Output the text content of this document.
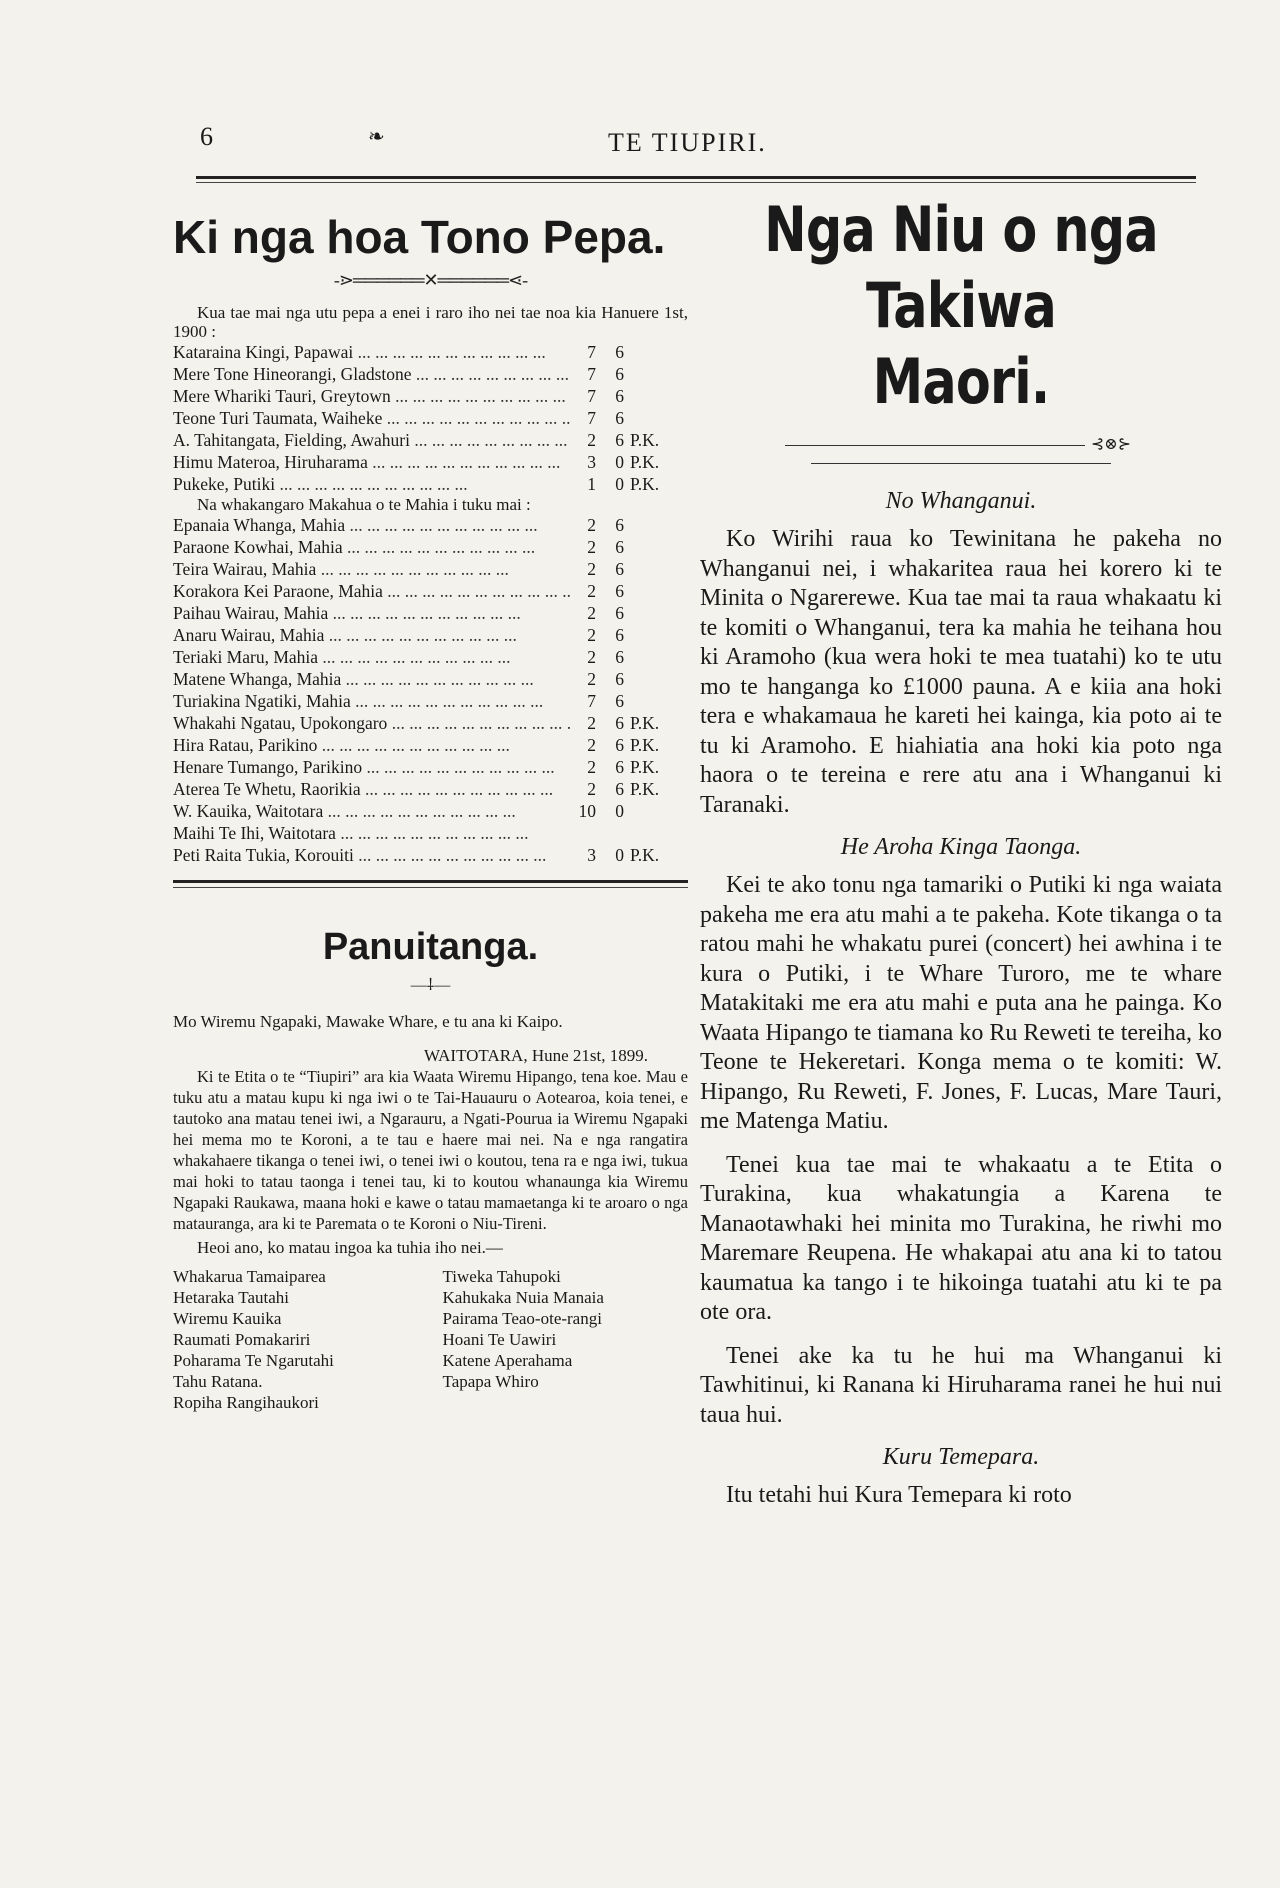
6	❧	TE TIUPIRI.
Ki nga hoa Tono Pepa.
-⋗══════✕══════⋖-

Kua tae mai nga utu pepa a enei i raro iho nei tae noa kia Hanuere 1st, 1900 :

Kataraina Kingi, Papawai ... .	7	6
Mere Tone Hineorangi, Gladstone ... .	7	6
Mere Whariki Tauri, Greytown ... .	7	6
Teone Turi Taumata, Waiheke ... .	7	6
A. Tahitangata, Fielding, Awahuri ... .	2	6 P.K.
Himu Materoa, Hiruharama ... .	3	0 P.K.
Pukeke, Putiki ... .	1	0 P.K.

Na whakangaro Makahua o te Mahia i tuku mai :

Epanaia Whanga, Mahia ... .	2	6
Paraone Kowhai, Mahia ... .	2	6
Teira Wairau, Mahia ... .	2	6
Korakora Kei Paraone, Mahia ... .	2	6
Paihau Wairau, Mahia ... .	2	6
Anaru Wairau, Mahia ... .	2	6
Teriaki Maru, Mahia ... .	2	6
Matene Whanga, Mahia ... .	2	6
Turiakina Ngatiki, Mahia ... .	7	6
Whakahi Ngatau, Upokongaro ... .	2	6 P.K.
Hira Ratau, Parikino ... .	2	6 P.K.
Henare Tumango, Parikino ... .	2	6 P.K.
Aterea Te Whetu, Raorikia ... .	2	6 P.K.
W. Kauika, Waitotara ... .	10	0
Maihi Te Ihi, Waitotara ... .
Peti Raita Tukia, Korouiti ... .	3	0 P.K.
Panuitanga.
—⸸—

Mo Wiremu Ngapaki, Mawake Whare, e tu ana ki Kaipo.

WAITOTARA, Hune 21st, 1899.

Ki te Etita o te “Tiupiri” ara kia Waata Wiremu Hipango, tena koe. Mau e tuku atu a matau kupu ki nga iwi o te Tai-Hauauru o Aotearoa, koia tenei, e tautoko ana matau tenei iwi, a Ngarauru, a Ngati-Pourua ia Wiremu Ngapaki hei mema mo te Koroni, a te tau e haere mai nei. Na e nga rangatira whakahaere tikanga o tenei iwi, o tenei iwi o koutou, tena ra e nga iwi, tukua mai hoki to tatau taonga i tenei tau, ki to koutou whanaunga kia Wiremu Ngapaki Raukawa, maana hoki e kawe o tatau mamaetanga ki te aroaro o nga matauranga, ara ki te Paremata o te Koroni o Niu-Tireni.

Heoi ano, ko matau ingoa ka tuhia iho nei.—

Whakarua Tamaiparea
Hetaraka Tautahi
Wiremu Kauika
Raumati Pomakariri
Poharama Te Ngarutahi
Tahu Ratana.
Ropiha Rangihaukori
Tiweka Tahupoki
Kahukaka Nuia Manaia
Pairama Teao-ote-rangi
Hoani Te Uawiri
Katene Aperahama
Tapapa Whiro
Nga Niu o nga Takiwa
Maori.
⊰⊗⊱
No Whanganui.

Ko Wirihi raua ko Tewinitana he pakeha no Whanganui nei, i whakaritea raua hei korero ki te Minita o Ngarerewe. Kua tae mai ta raua whakaatu ki te komiti o Whanganui, tera ka mahia he teihana hou ki Aramoho (kua wera hoki te mea tuatahi) ko te utu mo te hanganga ko £1000 pauna. A e kiia ana hoki tera e whakamaua he kareti hei kainga, kia poto ai te tu ki Aramoho. E hiahiatia ana hoki kia poto nga haora o te tereina e rere atu ana i Whanganui ki Taranaki.

He Aroha Kinga Taonga.

Kei te ako tonu nga tamariki o Putiki ki nga waiata pakeha me era atu mahi a te pakeha. Kote tikanga o ta ratou mahi he whakatu purei (concert) hei awhina i te kura o Putiki, i te Whare Turoro, me te whare Matakitaki me era atu mahi e puta ana he painga. Ko Waata Hipango te tiamana ko Ru Reweti te tereiha, ko Teone te Hekeretari. Konga mema o te komiti: W. Hipango, Ru Reweti, F. Jones, F. Lucas, Mare Tauri, me Matenga Matiu.

Tenei kua tae mai te whakaatu a te Etita o Turakina, kua whakatungia a Karena te Manaotawhaki hei minita mo Turakina, he riwhi mo Maremare Reupena. He whakapai atu ana ki to tatou kaumatua ka tango i te hikoinga tuatahi atu ki te pa ote ora.

Tenei ake ka tu he hui ma Whanganui ki Tawhitinui, ki Ranana ki Hiruharama ranei he hui nui taua hui.

Kuru Temepara.

Itu tetahi hui Kura Temepara ki roto
